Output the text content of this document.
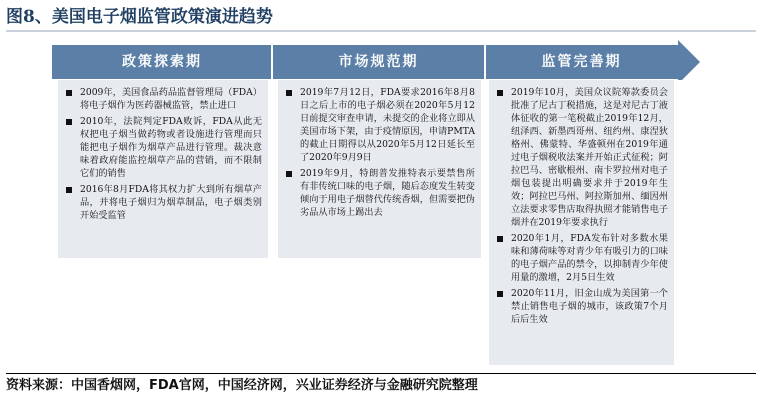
图8、美国电子烟监管政策演进趋势
政策探索期	市场规范期	监管完善期
2009年，美国食品药品监督管理局（FDA）将电子烟作为医药器械监管，禁止进口
2010年，法院判定FDA败诉，FDA从此无权把电子烟当做药物或者设施进行管理而只能把电子烟作为烟草产品进行管理。裁决意味着政府能监控烟草产品的营销，而不限制它们的销售
2016年8月FDA将其权力扩大到所有烟草产品，并将电子烟归为烟草制品，电子烟类别开始受监管
2019年7月12日，FDA要求2016年8月8日之后上市的电子烟必须在2020年5月12日前提交审查申请，未提交的企业将立即从美国市场下架，由于疫情原因，申请PMTA的截止日期得以从2020年5月12日延长至了2020年9月9日
2019年9月，特朗普发推特表示要禁售所有非传统口味的电子烟，随后态度发生转变倾向于用电子烟替代传统香烟，但需要把伪劣品从市场上踢出去
2019年10月，美国众议院筹款委员会批准了尼古丁税措施，这是对尼古丁液体征收的第一笔税截止2019年12月，纽泽西、新墨西哥州、纽约州、康涅狄格州、佛蒙特、华盛顿州在2019年通过电子烟税收法案并开始正式征税；阿拉巴马、密歇根州、南卡罗拉州对电子烟包装提出明确要求并于2019年生效；阿拉巴马州、阿拉斯加州、缅因州立法要求零售店取得执照才能销售电子烟并在2019年要求执行
2020年1月，FDA发布针对多数水果味和薄荷味等对青少年有吸引力的口味的电子烟产品的禁令，以抑制青少年使用量的激增，2月5日生效
2020年11月，旧金山成为美国第一个禁止销售电子烟的城市，该政策7个月后后生效
资料来源：中国香烟网，FDA官网，中国经济网，兴业证券经济与金融研究院整理
